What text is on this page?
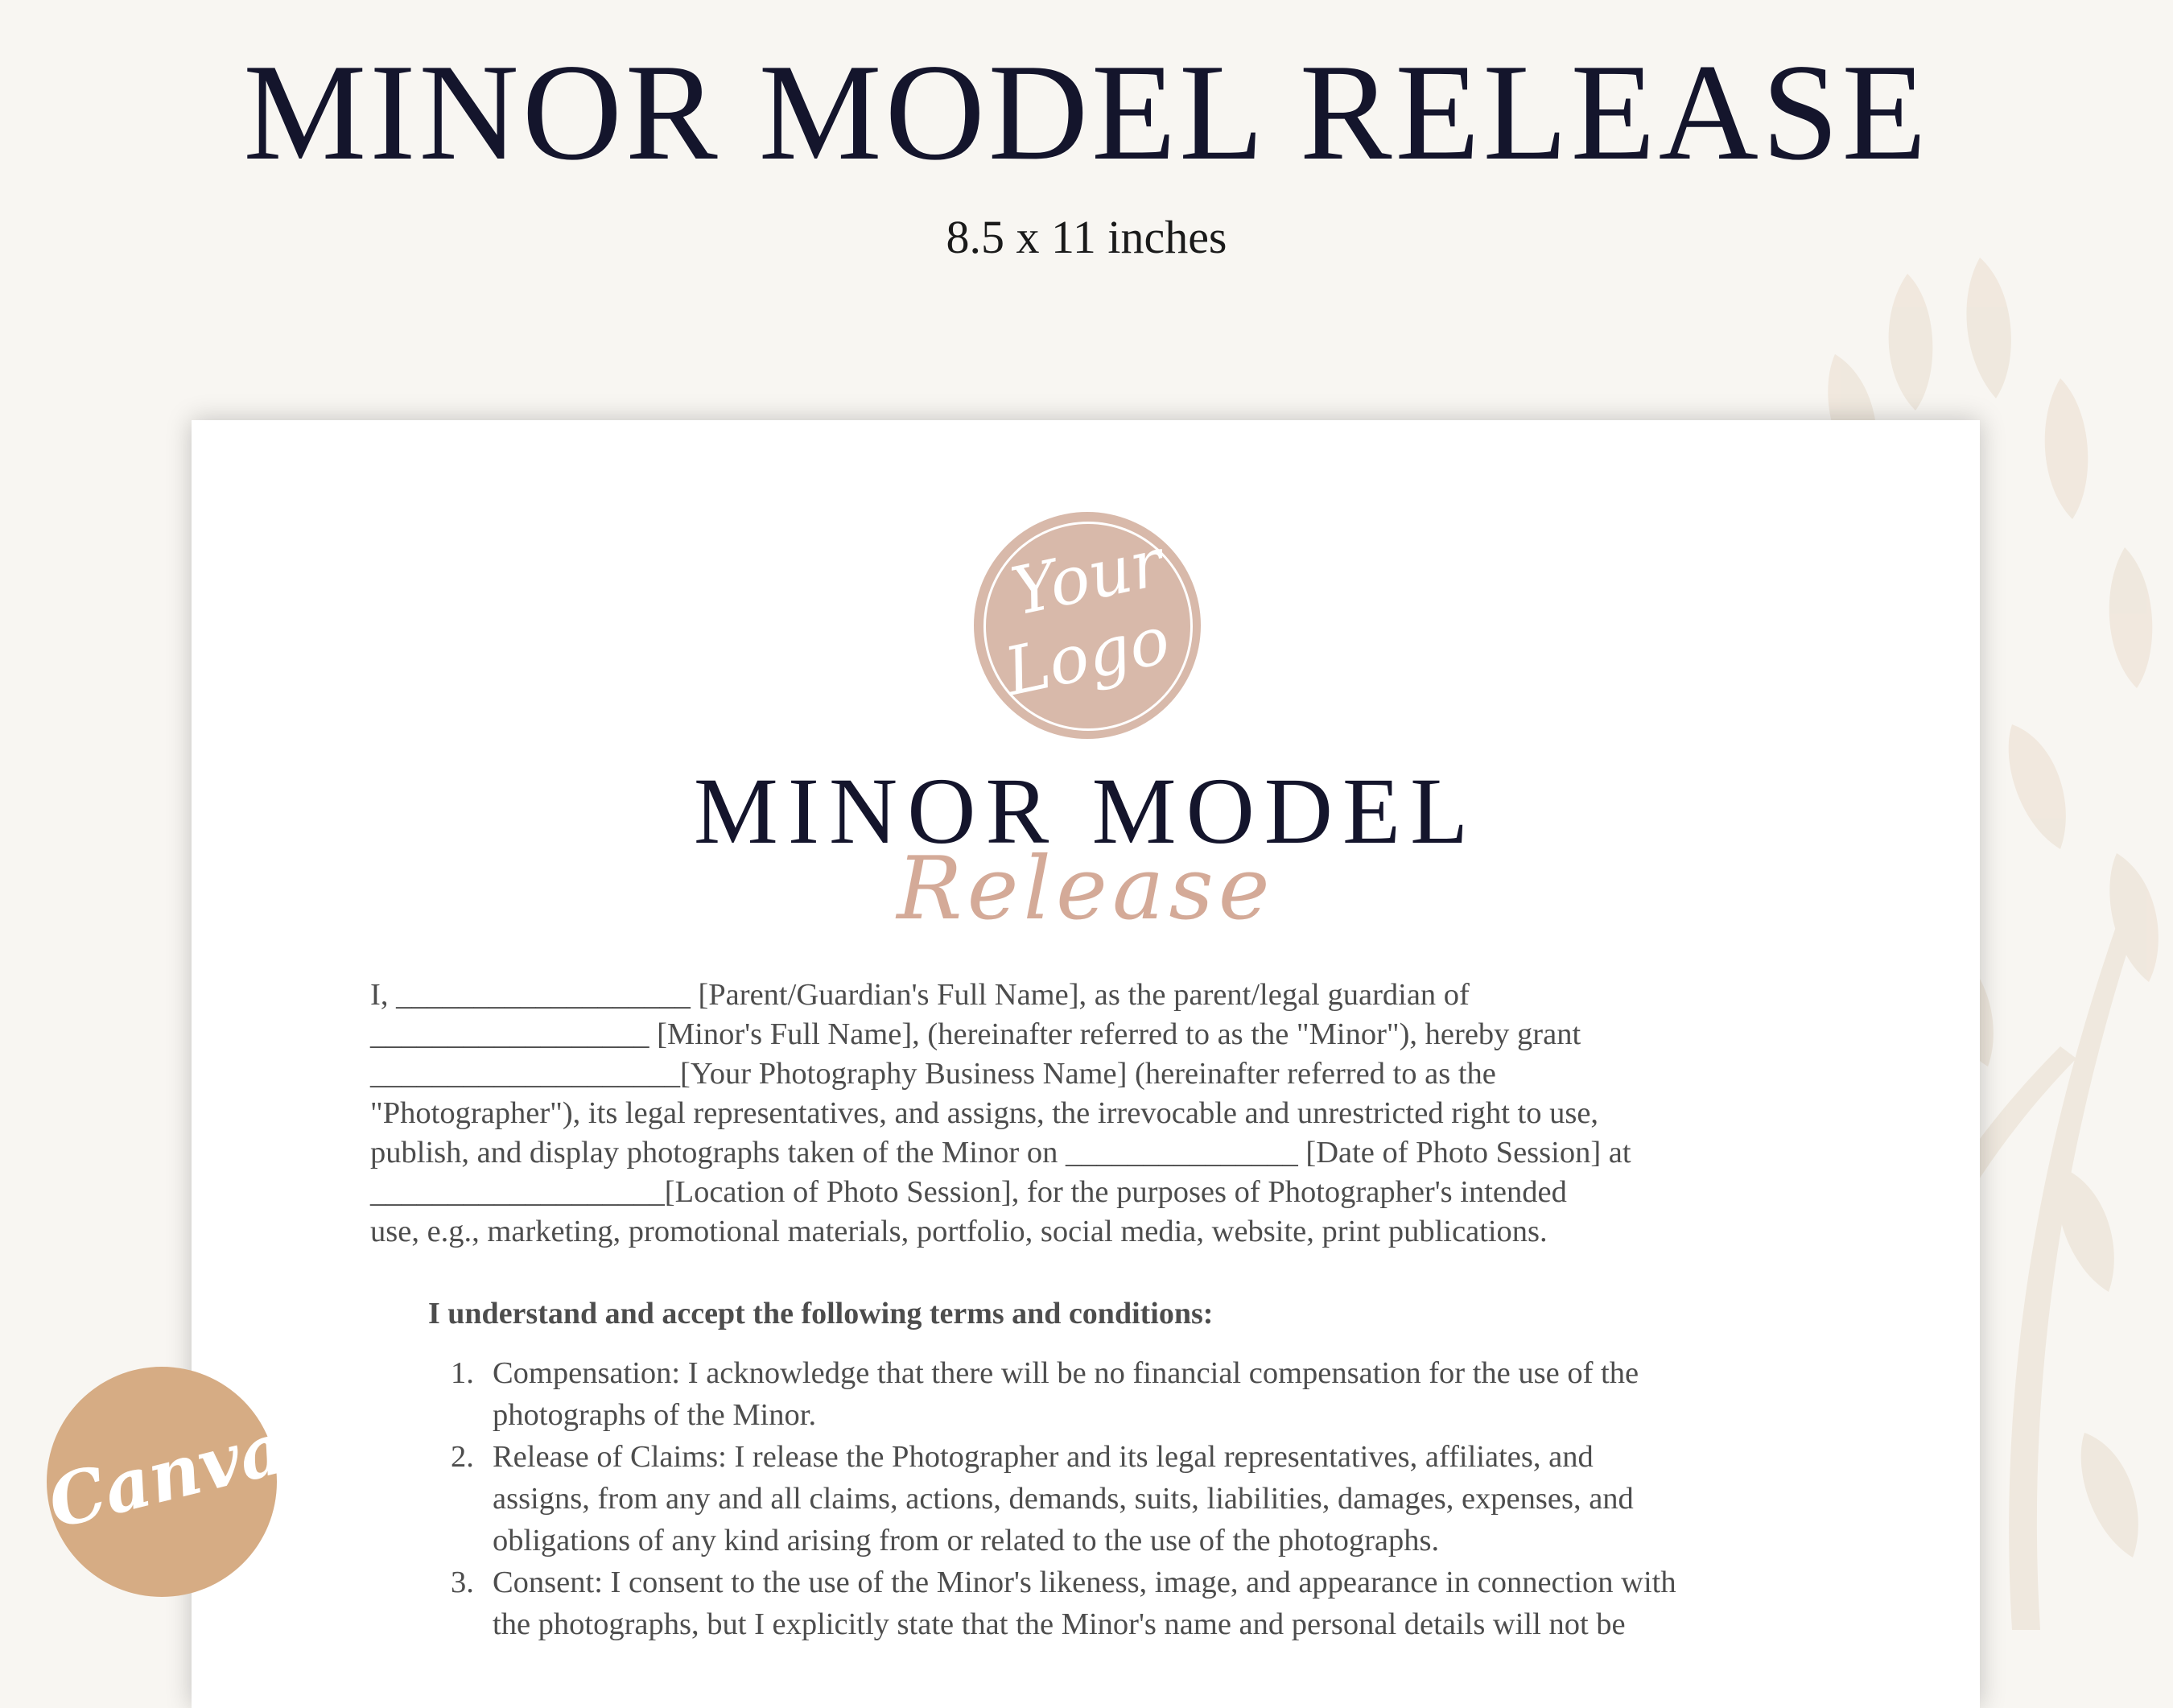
MINOR MODEL RELEASE
8.5 x 11 inches
Your
Logo
MINOR MODEL
Release
I, ___________________ [Parent/Guardian's Full Name], as the parent/legal guardian of
__________________ [Minor's Full Name], (hereinafter referred to as the "Minor"), hereby grant
____________________[Your Photography Business Name] (hereinafter referred to as the
"Photographer"), its legal representatives, and assigns, the irrevocable and unrestricted right to use,
publish, and display photographs taken of the Minor on _______________ [Date of Photo Session] at
___________________[Location of Photo Session], for the purposes of Photographer's intended
use, e.g., marketing, promotional materials, portfolio, social media, website, print publications.
I understand and accept the following terms and conditions:
1. Compensation: I acknowledge that there will be no financial compensation for the use of the
photographs of the Minor.
2. Release of Claims: I release the Photographer and its legal representatives, affiliates, and
assigns, from any and all claims, actions, demands, suits, liabilities, damages, expenses, and
obligations of any kind arising from or related to the use of the photographs.
3. Consent: I consent to the use of the Minor's likeness, image, and appearance in connection with
the photographs, but I explicitly state that the Minor's name and personal details will not be
Canva
